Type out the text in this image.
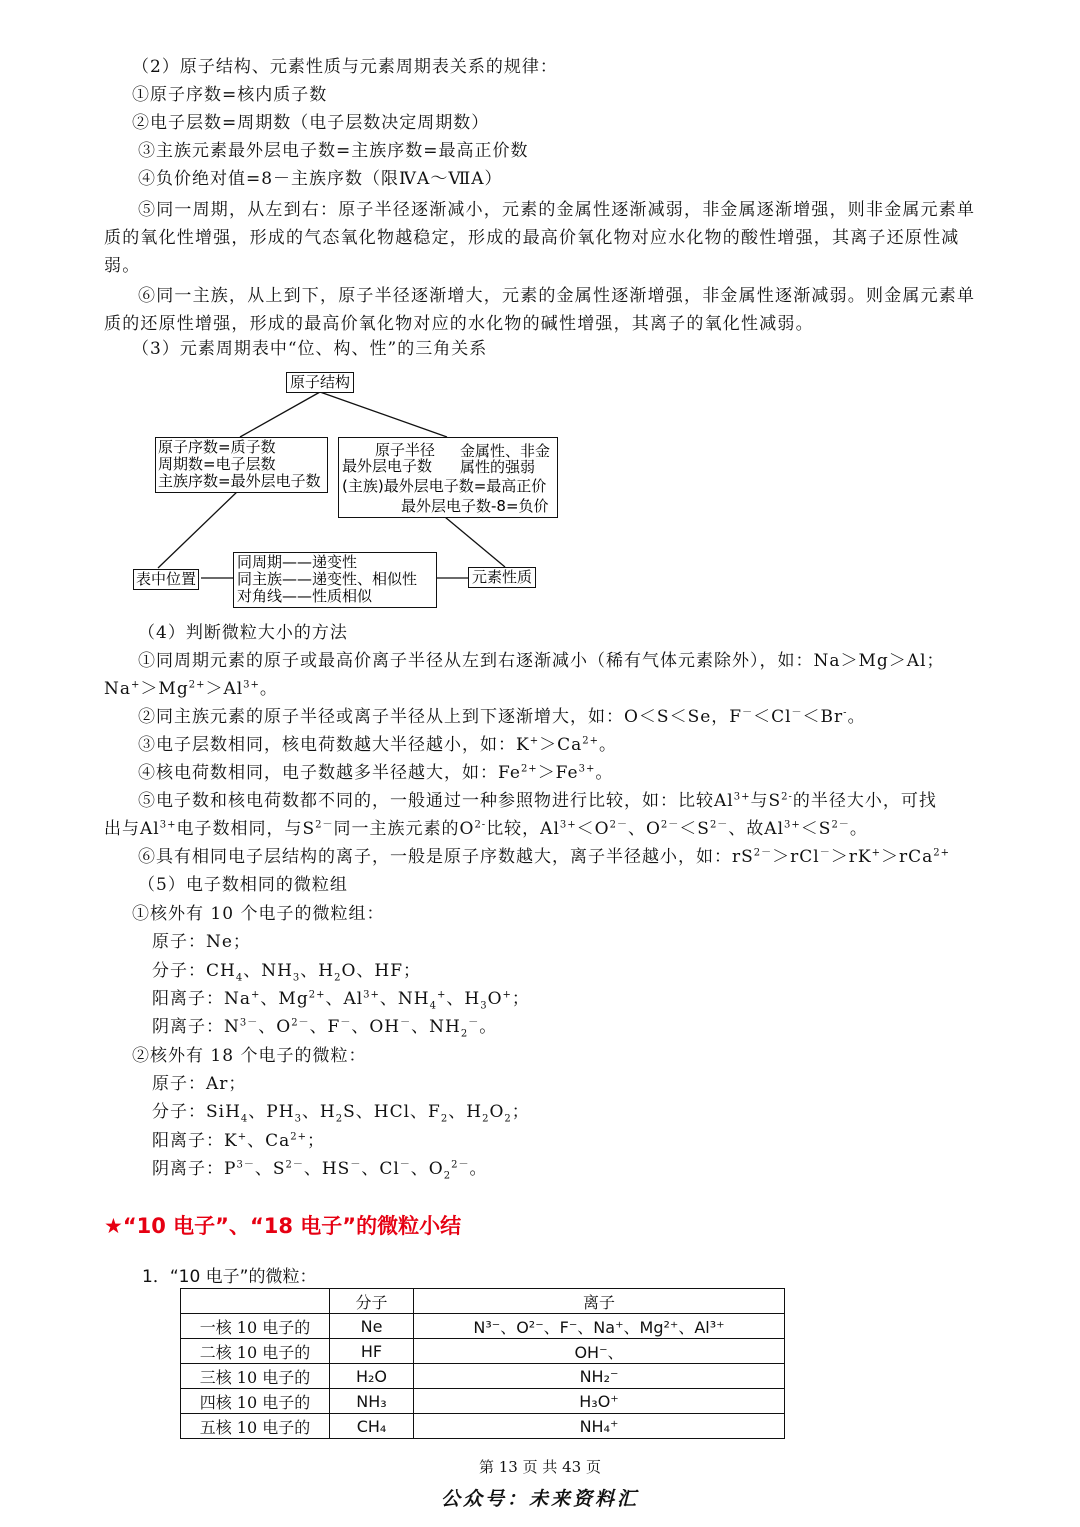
（2）原子结构、元素性质与元素周期表关系的规律：
①原子序数=核内质子数
②电子层数=周期数（电子层数决定周期数）
③主族元素最外层电子数=主族序数=最高正价数
④负价绝对值=8－主族序数（限ⅣA～ⅦA）
⑤同一周期，从左到右：原子半径逐渐减小，元素的金属性逐渐减弱，非金属逐渐增强，则非金属元素单质的氧化性增强，形成的气态氧化物越稳定，形成的最高价氧化物对应水化物的酸性增强，其离子还原性减弱。
⑥同一主族，从上到下，原子半径逐渐增大，元素的金属性逐渐增强，非金属性逐渐减弱。则金属元素单质的还原性增强，形成的最高价氧化物对应的水化物的碱性增强，其离子的氧化性减弱。
（3）元素周期表中“位、构、性”的三角关系
原子结构
原子序数=质子数
周期数=电子层数
主族序数=最外层电子数
原子半径
最外层电子数
金属性、非金
属性的强弱
(主族)最外层电子数=最高正价
最外层电子数-8=负价
表中位置
同周期——递变性
同主族——递变性、相似性
对角线——性质相似
元素性质
（4）判断微粒大小的方法
①同周期元素的原子或最高价离子半径从左到右逐渐减小（稀有气体元素除外），如：Na＞Mg＞Al；
$Na^+>Mg^{2+}>Al^{3+}$。
②同主族元素的原子半径或离子半径从上到下逐渐增大，如：O＜S＜Se，F－＜Cl－＜Br-。
③电子层数相同，核电荷数越大半径越小，如：$K^+>Ca^{2+}$。
④核电荷数相同，电子数越多半径越大，如：$Fe^{2+}>Fe^{3+}$。
⑤电子数和核电荷数都不同的，一般通过一种参照物进行比较，如：比较$Al^{3+}$与$S^{2-}$的半径大小，可找
出与$Al^{3+}$电子数相同，与$S^{2-}$同一主族元素的$O^{2-}$比较，$Al^{3+}<O^{2-}$、$O^{2-}<S^{2-}$、故$Al^{3+}<S^{2-}$。
⑥具有相同电子层结构的离子，一般是原子序数越大，离子半径越小，如：$rS^{2-}>rCl^->rK^+>rCa^{2+}$
（5）电子数相同的微粒组
①核外有 10 个电子的微粒组：
原子：Ne；
分子：$CH_4$、$NH_3$、$H_2O$、HF；
阳离子：Na+、$Mg^{2+}$、$Al^{3+}$、$NH_4^+$、$H_3O^+$；
阴离子：$N^{3-}$、$O^{2-}$、F－、OH－、$NH_2^-$。
②核外有 18 个电子的微粒：
原子：Ar；
分子：SiH$_4$、$PH_3$、$H_2S$、HCl、$F_2$、$H_2O_2$；
阳离子：K+、$Ca^{2+}$；
阴离子：$P^{3-}$、$S^{2-}$、HS－、Cl－、$O_2^{2-}$。
★“10 电子”、“18 电子”的微粒小结
1．“10 电子”的微粒：
	分子	离子
一核 10 电子的	Ne	N³⁻、O²⁻、F⁻、Na⁺、Mg²⁺、Al³⁺
二核 10 电子的	HF	OH⁻、
三核 10 电子的	H₂O	NH₂⁻
四核 10 电子的	NH₃	H₃O⁺
五核 10 电子的	CH₄	NH₄⁺
第 13 页 共 43 页
公众号：未来资料汇
